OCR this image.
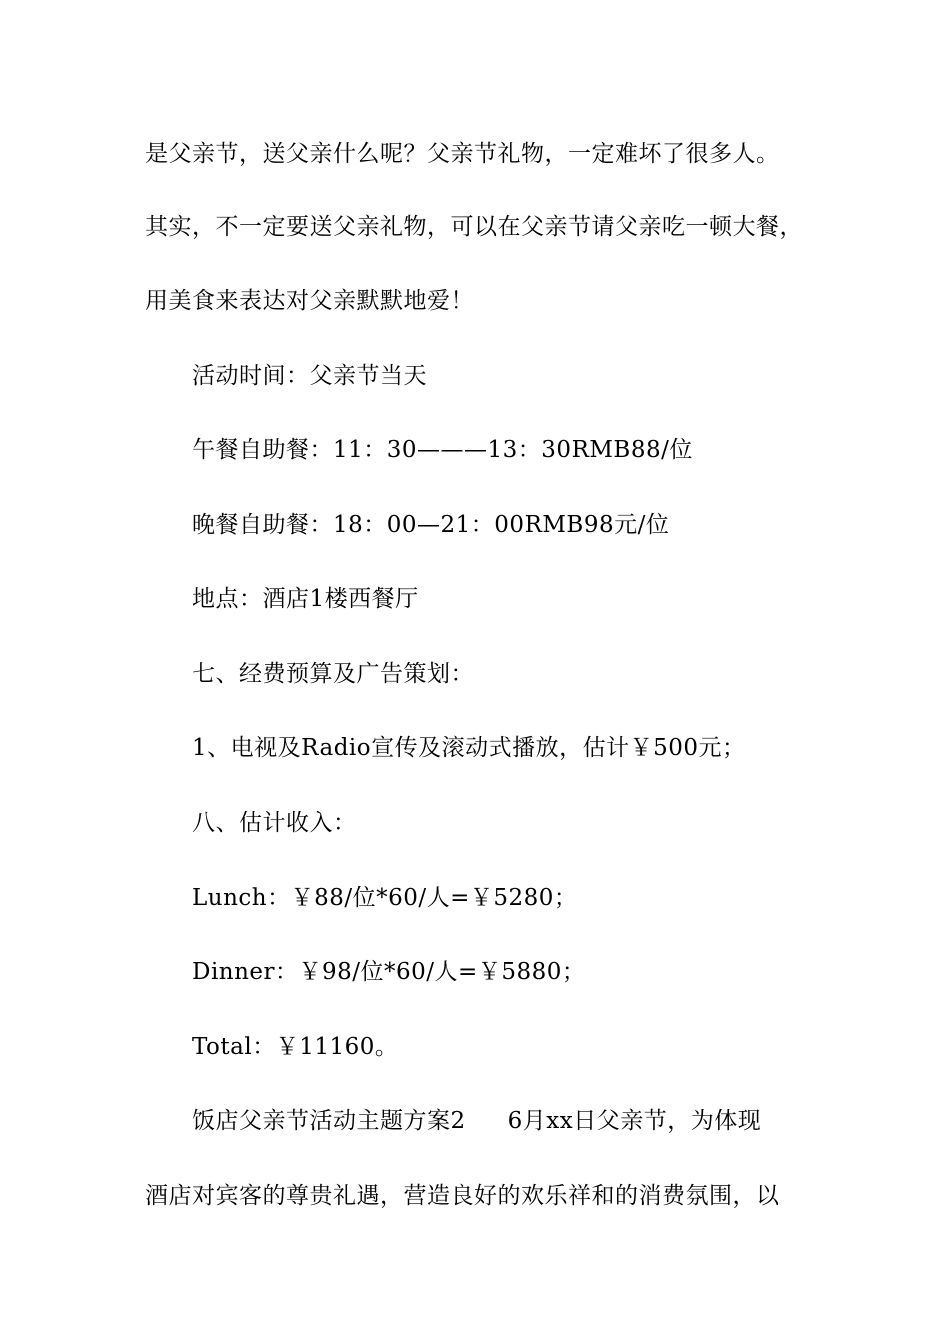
是父亲节，送父亲什么呢？父亲节礼物，一定难坏了很多人。
其实，不一定要送父亲礼物，可以在父亲节请父亲吃一顿大餐，
用美食来表达对父亲默默地爱！
活动时间：父亲节当天
午餐自助餐：11：30———13：30RMB88/位
晚餐自助餐：18：00—21：00RMB98元/位
地点：酒店1楼西餐厅
七、经费预算及广告策划：
1、电视及Radio宣传及滚动式播放，估计￥500元；
八、估计收入：
Lunch：￥88/位*60/人=￥5280；
Dinner：￥98/位*60/人=￥5880；
Total：￥11160。
饭店父亲节活动主题方案2 6月xx日父亲节，为体现
酒店对宾客的尊贵礼遇，营造良好的欢乐祥和的消费氛围，以
